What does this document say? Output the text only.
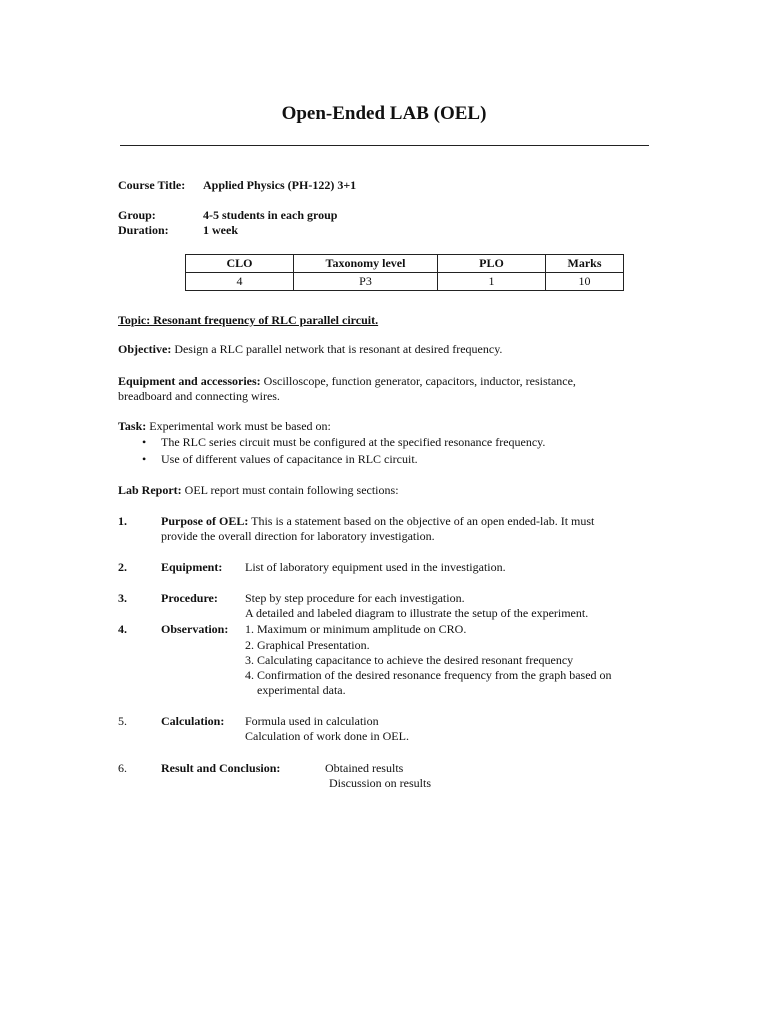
Open-Ended LAB (OEL)
Course Title: Applied Physics (PH-122) 3+1
Group:	4-5 students in each group
Duration:	1 week
CLO	Taxonomy level	PLO	Marks
4	P3	1	10
Topic: Resonant frequency of RLC parallel circuit.
Objective: Design a RLC parallel network that is resonant at desired frequency.
Equipment and accessories: Oscilloscope, function generator, capacitors, inductor, resistance,
breadboard and connecting wires.
Task: Experimental work must be based on:
• The RLC series circuit must be configured at the specified resonance frequency.
• Use of different values of capacitance in RLC circuit.
Lab Report: OEL report must contain following sections:
1.	Purpose of OEL: This is a statement based on the objective of an open ended-lab. It must
provide the overall direction for laboratory investigation.
2.	Equipment: List of laboratory equipment used in the investigation.
3.	Procedure: Step by step procedure for each investigation.
A detailed and labeled diagram to illustrate the setup of the experiment.
4.	Observation: 1. Maximum or minimum amplitude on CRO.
2. Graphical Presentation.
3. Calculating capacitance to achieve the desired resonant frequency
4. Confirmation of the desired resonance frequency from the graph based on
experimental data.
5.	Calculation: Formula used in calculation
Calculation of work done in OEL.
6.	Result and Conclusion:	Obtained results
Discussion on results
